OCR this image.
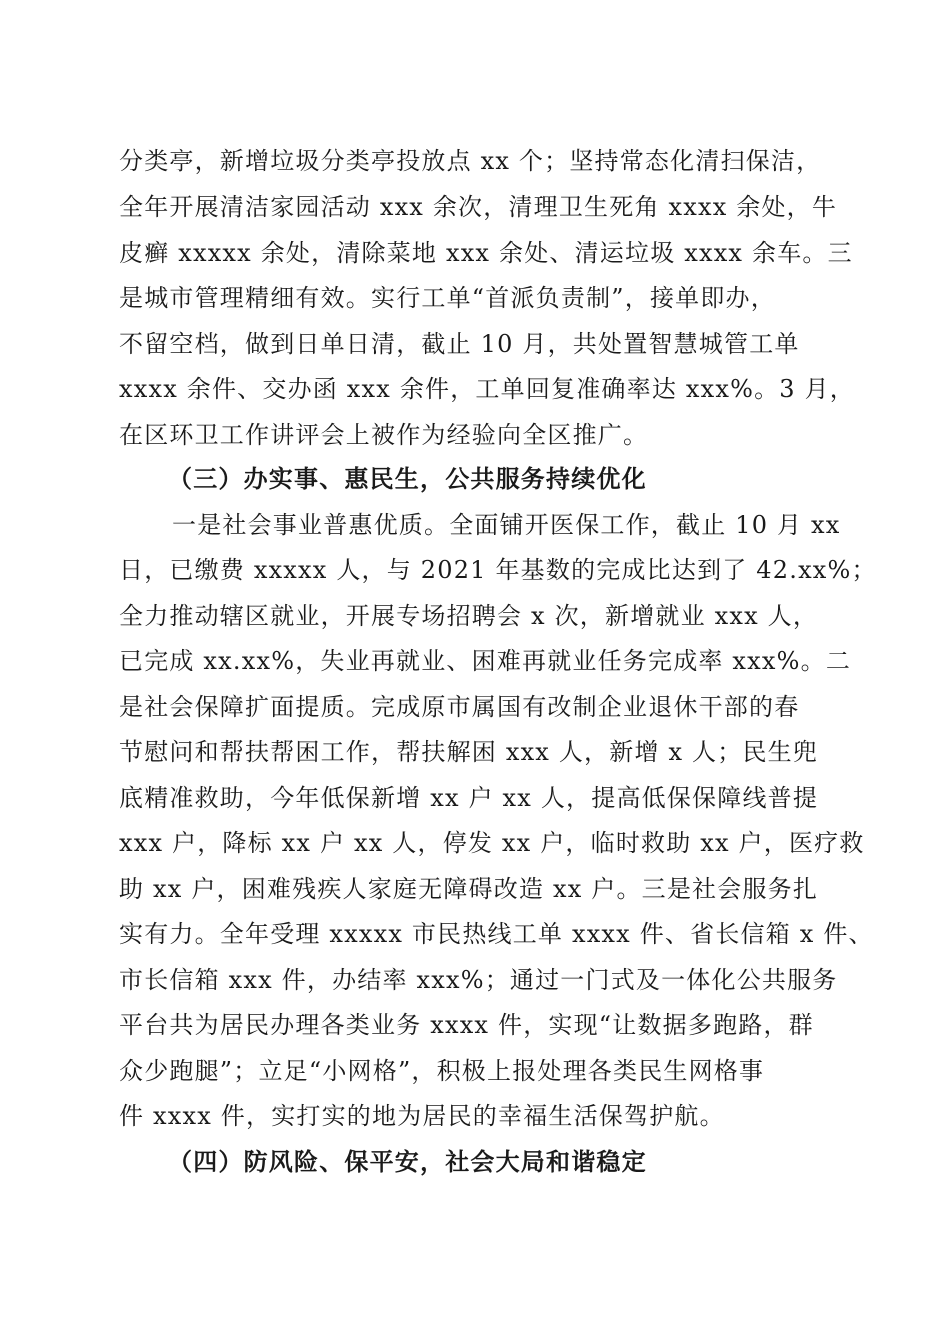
分类亭，新增垃圾分类亭投放点 xx 个；坚持常态化清扫保洁，
全年开展清洁家园活动 xxx 余次，清理卫生死角 xxxx 余处，牛
皮癣 xxxxx 余处，清除菜地 xxx 余处、清运垃圾 xxxx 余车。三
是城市管理精细有效。实行工单“首派负责制”，接单即办，
不留空档，做到日单日清，截止 10 月，共处置智慧城管工单
xxxx 余件、交办函 xxx 余件，工单回复准确率达 xxx%。3 月，
在区环卫工作讲评会上被作为经验向全区推广。
（三）办实事、惠民生，公共服务持续优化
一是社会事业普惠优质。全面铺开医保工作，截止 10 月 xx
日，已缴费 xxxxx 人，与 2021 年基数的完成比达到了 42.xx%；
全力推动辖区就业，开展专场招聘会 x 次，新增就业 xxx 人，
已完成 xx.xx%，失业再就业、困难再就业任务完成率 xxx%。二
是社会保障扩面提质。完成原市属国有改制企业退休干部的春
节慰问和帮扶帮困工作，帮扶解困 xxx 人，新增 x 人；民生兜
底精准救助，今年低保新增 xx 户 xx 人，提高低保保障线普提
xxx 户，降标 xx 户 xx 人，停发 xx 户，临时救助 xx 户，医疗救
助 xx 户，困难残疾人家庭无障碍改造 xx 户。三是社会服务扎
实有力。全年受理 xxxxx 市民热线工单 xxxx 件、省长信箱 x 件、
市长信箱 xxx 件，办结率 xxx%；通过一门式及一体化公共服务
平台共为居民办理各类业务 xxxx 件，实现“让数据多跑路，群
众少跑腿”；立足“小网格”，积极上报处理各类民生网格事
件 xxxx 件，实打实的地为居民的幸福生活保驾护航。
（四）防风险、保平安，社会大局和谐稳定
